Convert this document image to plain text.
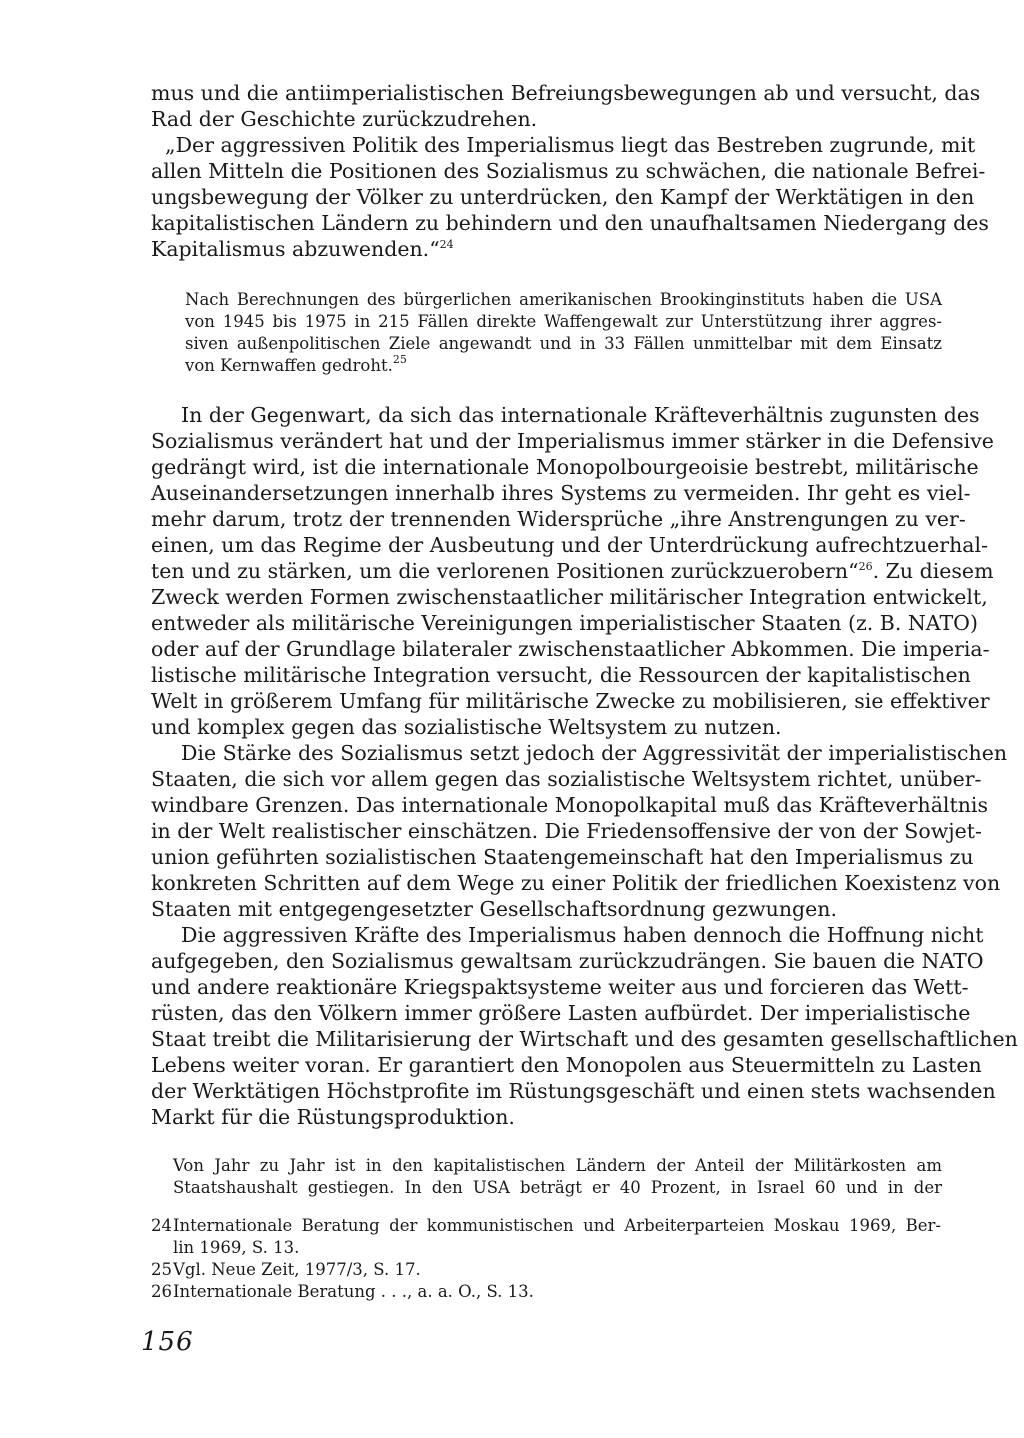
mus und die antiimperialistischen Befreiungsbewegungen ab und versucht, das
Rad der Geschichte zurückzudrehen.
„Der aggressiven Politik des Imperialismus liegt das Bestreben zugrunde, mit
allen Mitteln die Positionen des Sozialismus zu schwächen, die nationale Befrei-
ungsbewegung der Völker zu unterdrücken, den Kampf der Werktätigen in den
kapitalistischen Ländern zu behindern und den unaufhaltsamen Niedergang des
Kapitalismus abzuwenden.“$^{24}$
Nach Berechnungen des bürgerlichen amerikanischen Brookinginstituts haben die USA
von 1945 bis 1975 in 215 Fällen direkte Waffengewalt zur Unterstützung ihrer aggres-
siven außenpolitischen Ziele angewandt und in 33 Fällen unmittelbar mit dem Einsatz
von Kernwaffen gedroht.$^{25}$
In der Gegenwart, da sich das internationale Kräfteverhältnis zugunsten des
Sozialismus verändert hat und der Imperialismus immer stärker in die Defensive
gedrängt wird, ist die internationale Monopolbourgeoisie bestrebt, militärische
Auseinandersetzungen innerhalb ihres Systems zu vermeiden. Ihr geht es viel-
mehr darum, trotz der trennenden Widersprüche „ihre Anstrengungen zu ver-
einen, um das Regime der Ausbeutung und der Unterdrückung aufrechtzuerhal-
ten und zu stärken, um die verlorenen Positionen zurückzuerobern“$^{26}$. Zu diesem
Zweck werden Formen zwischenstaatlicher militärischer Integration entwickelt,
entweder als militärische Vereinigungen imperialistischer Staaten (z. B. NATO)
oder auf der Grundlage bilateraler zwischenstaatlicher Abkommen. Die imperia-
listische militärische Integration versucht, die Ressourcen der kapitalistischen
Welt in größerem Umfang für militärische Zwecke zu mobilisieren, sie effektiver
und komplex gegen das sozialistische Weltsystem zu nutzen.
Die Stärke des Sozialismus setzt jedoch der Aggressivität der imperialistischen
Staaten, die sich vor allem gegen das sozialistische Weltsystem richtet, unüber-
windbare Grenzen. Das internationale Monopolkapital muß das Kräfteverhältnis
in der Welt realistischer einschätzen. Die Friedensoffensive der von der Sowjet-
union geführten sozialistischen Staatengemeinschaft hat den Imperialismus zu
konkreten Schritten auf dem Wege zu einer Politik der friedlichen Koexistenz von
Staaten mit entgegengesetzter Gesellschaftsordnung gezwungen.
Die aggressiven Kräfte des Imperialismus haben dennoch die Hoffnung nicht
aufgegeben, den Sozialismus gewaltsam zurückzudrängen. Sie bauen die NATO
und andere reaktionäre Kriegspaktsysteme weiter aus und forcieren das Wett-
rüsten, das den Völkern immer größere Lasten aufbürdet. Der imperialistische
Staat treibt die Militarisierung der Wirtschaft und des gesamten gesellschaftlichen
Lebens weiter voran. Er garantiert den Monopolen aus Steuermitteln zu Lasten
der Werktätigen Höchstprofite im Rüstungsgeschäft und einen stets wachsenden
Markt für die Rüstungsproduktion.
Von Jahr zu Jahr ist in den kapitalistischen Ländern der Anteil der Militärkosten am
Staatshaushalt gestiegen. In den USA beträgt er 40 Prozent, in Israel 60 und in der
24 Internationale Beratung der kommunistischen und Arbeiterparteien Moskau 1969, Ber-
lin 1969, S. 13.
25 Vgl. Neue Zeit, 1977/3, S. 17.
26 Internationale Beratung . . ., a. a. O., S. 13.
156
